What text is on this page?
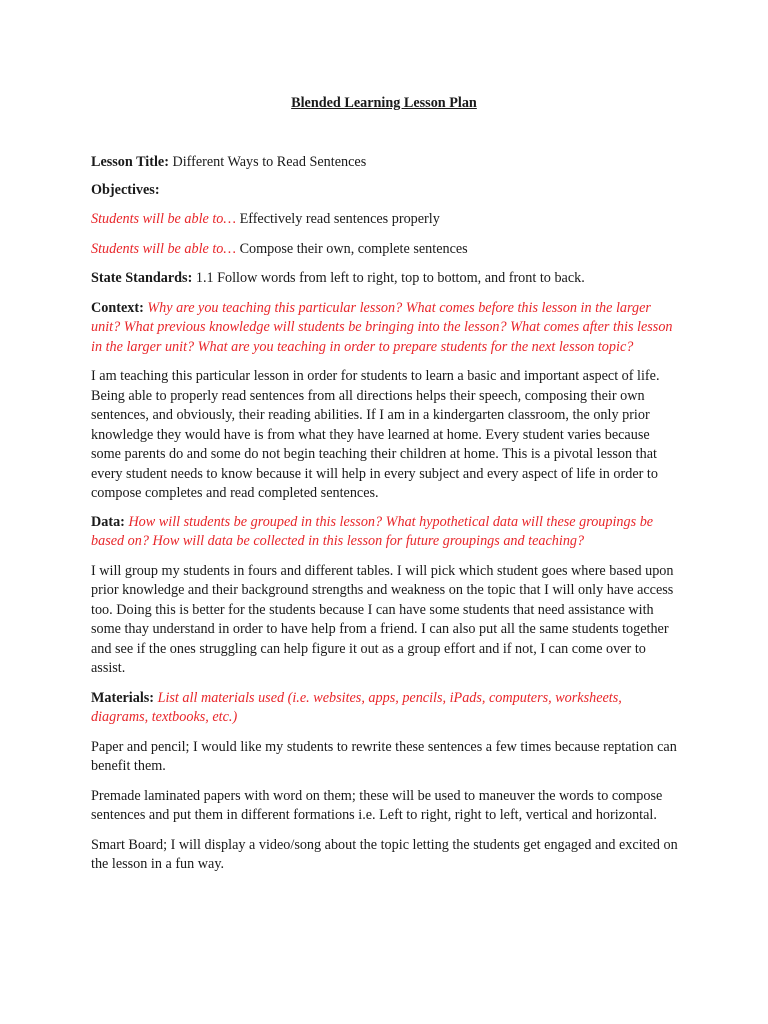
Blended Learning Lesson Plan

Lesson Title: Different Ways to Read Sentences

Objectives:

Students will be able to… Effectively read sentences properly

Students will be able to… Compose their own, complete sentences

State Standards: 1.1 Follow words from left to right, top to bottom, and front to back.

Context: Why are you teaching this particular lesson? What comes before this lesson in the larger unit? What previous knowledge will students be bringing into the lesson? What comes after this lesson in the larger unit? What are you teaching in order to prepare students for the next lesson topic?

I am teaching this particular lesson in order for students to learn a basic and important aspect of life. Being able to properly read sentences from all directions helps their speech, composing their own sentences, and obviously, their reading abilities. If I am in a kindergarten classroom, the only prior knowledge they would have is from what they have learned at home. Every student varies because some parents do and some do not begin teaching their children at home. This is a pivotal lesson that every student needs to know because it will help in every subject and every aspect of life in order to compose completes and read completed sentences.

Data: How will students be grouped in this lesson? What hypothetical data will these groupings be based on? How will data be collected in this lesson for future groupings and teaching?

I will group my students in fours and different tables. I will pick which student goes where based upon prior knowledge and their background strengths and weakness on the topic that I will only have access too. Doing this is better for the students because I can have some students that need assistance with some thay understand in order to have help from a friend. I can also put all the same students together and see if the ones struggling can help figure it out as a group effort and if not, I can come over to assist.

Materials: List all materials used (i.e. websites, apps, pencils, iPads, computers, worksheets, diagrams, textbooks, etc.)

Paper and pencil; I would like my students to rewrite these sentences a few times because reptation can benefit them.

Premade laminated papers with word on them; these will be used to maneuver the words to compose sentences and put them in different formations i.e. Left to right, right to left, vertical and horizontal.

Smart Board; I will display a video/song about the topic letting the students get engaged and excited on the lesson in a fun way.
